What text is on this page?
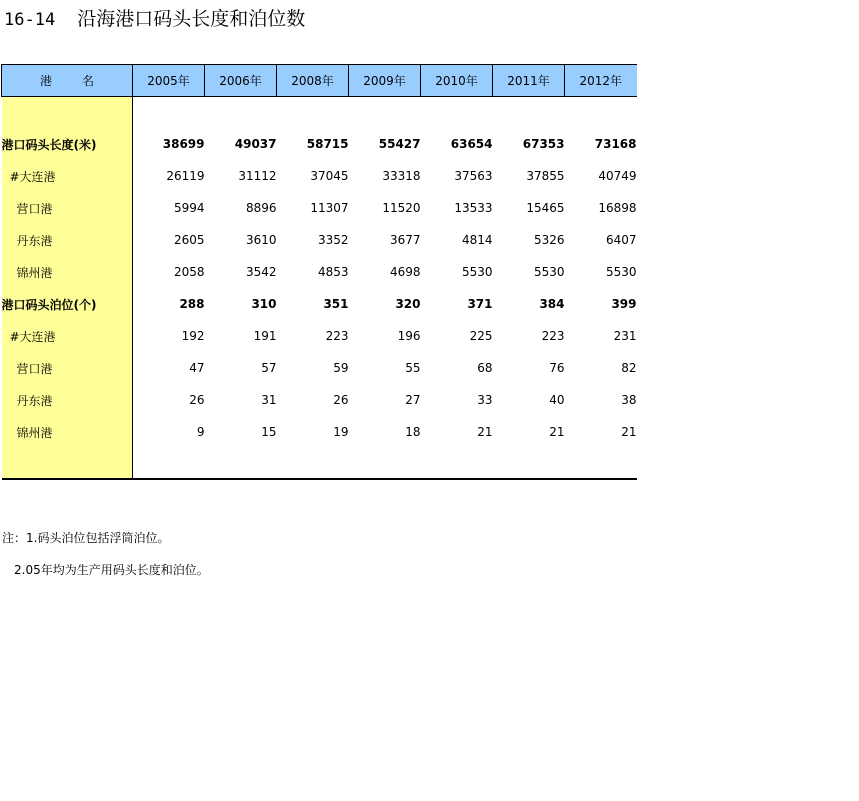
16-14 沿海港口码头长度和泊位数
港名	2005年	2006年	2008年	2009年	2010年	2011年	2012年

港口码头长度(米)	38699	49037	58715	55427	63654	67353	73168
#大连港	26119	31112	37045	33318	37563	37855	40749
营口港	5994	8896	11307	11520	13533	15465	16898
丹东港	2605	3610	3352	3677	4814	5326	6407
锦州港	2058	3542	4853	4698	5530	5530	5530
港口码头泊位(个)	288	310	351	320	371	384	399
#大连港	192	191	223	196	225	223	231
营口港	47	57	59	55	68	76	82
丹东港	26	31	26	27	33	40	38
锦州港	9	15	19	18	21	21	21

注：1.码头泊位包括浮筒泊位。
2.05年均为生产用码头长度和泊位。
